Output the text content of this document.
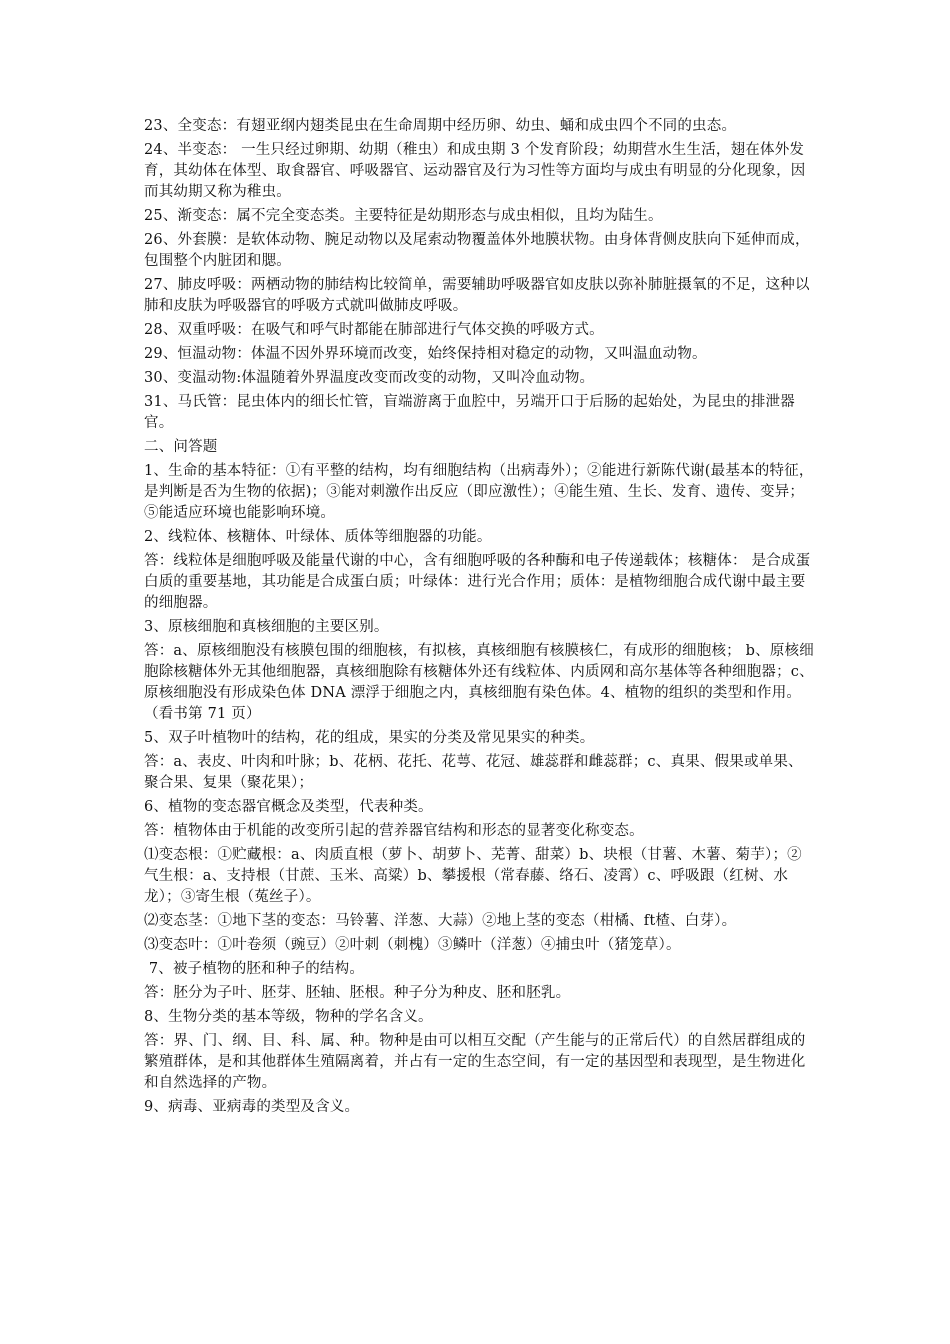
23、全变态：有翅亚纲内翅类昆虫在生命周期中经历卵、幼虫、蛹和成虫四个不同的虫态。

24、半变态： 一生只经过卵期、幼期（稚虫）和成虫期 3 个发育阶段；幼期营水生生活，翅在体外发育，其幼体在体型、取食器官、呼吸器官、运动器官及行为习性等方面均与成虫有明显的分化现象，因而其幼期又称为稚虫。

25、渐变态：属不完全变态类。主要特征是幼期形态与成虫相似，且均为陆生。

26、外套膜：是软体动物、腕足动物以及尾索动物覆盖体外地膜状物。由身体背侧皮肤向下延伸而成，包围整个内脏团和腮。

27、肺皮呼吸：两栖动物的肺结构比较简单，需要辅助呼吸器官如皮肤以弥补肺脏摄氧的不足，这种以肺和皮肤为呼吸器官的呼吸方式就叫做肺皮呼吸。

28、双重呼吸：在吸气和呼气时都能在肺部进行气体交换的呼吸方式。

29、恒温动物：体温不因外界环境而改变，始终保持相对稳定的动物，又叫温血动物。

30、变温动物:体温随着外界温度改变而改变的动物，又叫冷血动物。

31、马氏管：昆虫体内的细长忙管，盲端游离于血腔中，另端开口于后肠的起始处，为昆虫的排泄器官。

二、问答题

1、生命的基本特征：①有平整的结构，均有细胞结构（出病毒外）；②能进行新陈代谢(最基本的特征，是判断是否为生物的依据)；③能对刺激作出反应（即应激性）；④能生殖、生长、发育、遗传、变异；⑤能适应环境也能影响环境。

2、线粒体、核糖体、叶绿体、质体等细胞器的功能。

答：线粒体是细胞呼吸及能量代谢的中心，含有细胞呼吸的各种酶和电子传递载体；核糖体： 是合成蛋白质的重要基地，其功能是合成蛋白质；叶绿体：进行光合作用；质体：是植物细胞合成代谢中最主要的细胞器。

3、原核细胞和真核细胞的主要区别。

答：a、原核细胞没有核膜包围的细胞核，有拟核，真核细胞有核膜核仁，有成形的细胞核； b、原核细胞除核糖体外无其他细胞器，真核细胞除有核糖体外还有线粒体、内质网和高尔基体等各种细胞器；c、原核细胞没有形成染色体 DNA 漂浮于细胞之内，真核细胞有染色体。4、植物的组织的类型和作用。（看书第 71 页）

5、双子叶植物叶的结构，花的组成，果实的分类及常见果实的种类。

答：a、表皮、叶肉和叶脉；b、花柄、花托、花萼、花冠、雄蕊群和雌蕊群；c、真果、假果或单果、聚合果、复果（聚花果）；

6、植物的变态器官概念及类型，代表种类。

答：植物体由于机能的改变所引起的营养器官结构和形态的显著变化称变态。

⑴变态根：①贮藏根：a、肉质直根（萝卜、胡萝卜、芜菁、甜菜）b、块根（甘薯、木薯、菊芋）；②气生根：a、支持根（甘蔗、玉米、高粱）b、攀援根（常春藤、络石、凌霄）c、呼吸跟（红树、水龙）；③寄生根（菟丝子）。

⑵变态茎：①地下茎的变态：马铃薯、洋葱、大蒜）②地上茎的变态（柑橘、ft楂、白芽）。

⑶变态叶：①叶卷须（豌豆）②叶刺（刺槐）③鳞叶（洋葱）④捕虫叶（猪笼草）。

7、被子植物的胚和种子的结构。

答：胚分为子叶、胚芽、胚轴、胚根。种子分为种皮、胚和胚乳。

8、生物分类的基本等级，物种的学名含义。

答：界、门、纲、目、科、属、种。物种是由可以相互交配（产生能与的正常后代）的自然居群组成的繁殖群体，是和其他群体生殖隔离着，并占有一定的生态空间，有一定的基因型和表现型，是生物进化和自然选择的产物。

9、病毒、亚病毒的类型及含义。
